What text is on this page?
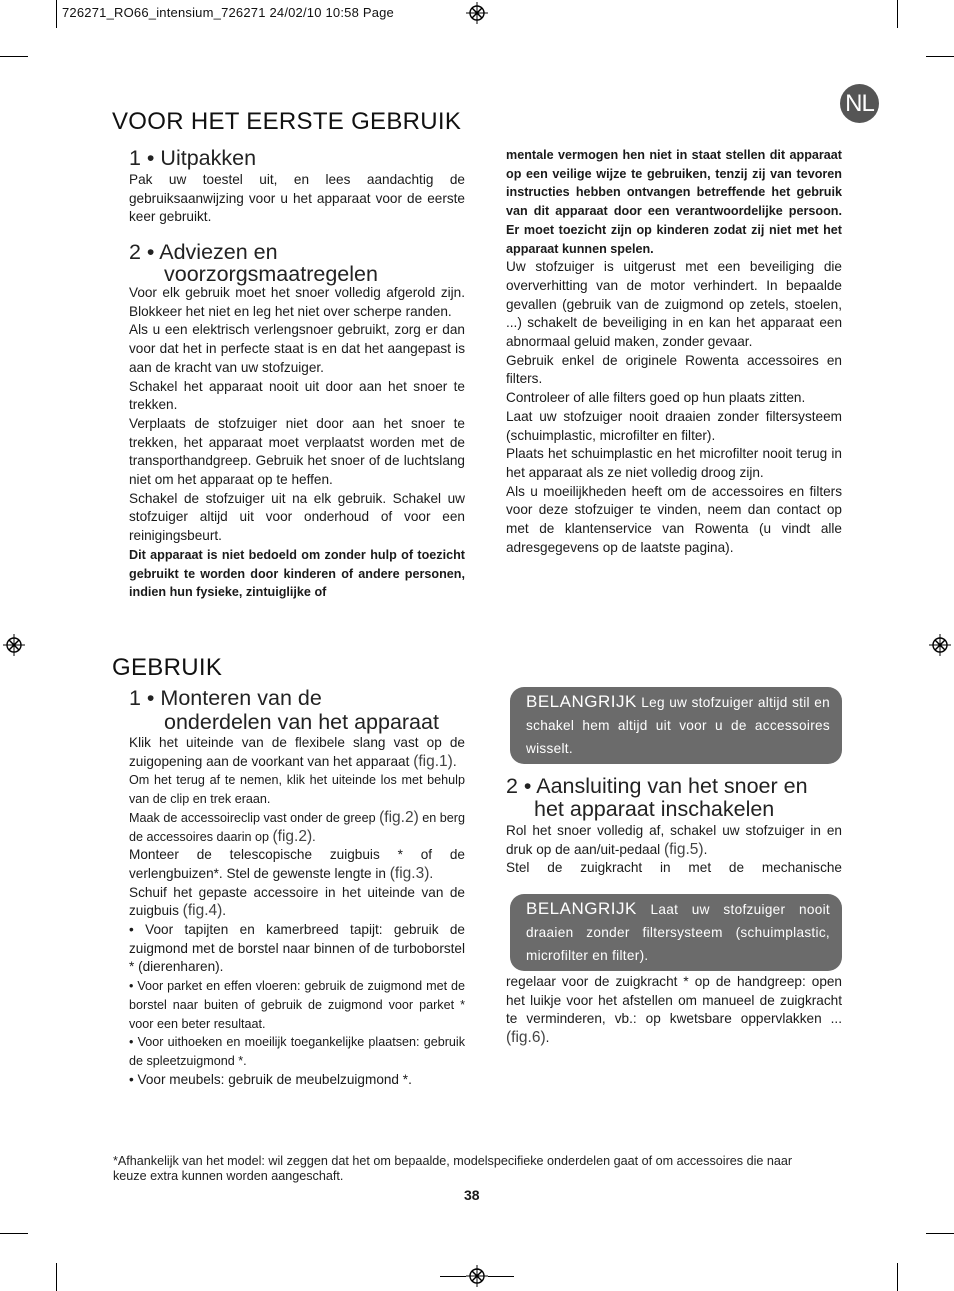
726271_RO66_intensium_726271 24/02/10 10:58 Page
NL
VOOR HET EERSTE GEBRUIK
1 • Uitpakken

Pak uw toestel uit, en lees aandachtig de gebruiksaanwijzing voor u het apparaat voor de eerste keer gebruikt.

2 • Adviezen en
voorzorgsmaatregelen

Voor elk gebruik moet het snoer volledig afgerold zijn. Blokkeer het niet en leg het niet over scherpe randen.

Als u een elektrisch verlengsnoer gebruikt, zorg er dan voor dat het in perfecte staat is en dat het aangepast is aan de kracht van uw stofzuiger.

Schakel het apparaat nooit uit door aan het snoer te trekken.

Verplaats de stofzuiger niet door aan het snoer te trekken, het apparaat moet verplaatst worden met de transporthandgreep. Gebruik het snoer of de luchtslang niet om het apparaat op te heffen.

Schakel de stofzuiger uit na elk gebruik. Schakel uw stofzuiger altijd uit voor onderhoud of voor een reinigingsbeurt.

Dit apparaat is niet bedoeld om zonder hulp of toezicht gebruikt te worden door kinderen of andere personen, indien hun fysieke, zintuiglijke of

mentale vermogen hen niet in staat stellen dit apparaat op een veilige wijze te gebruiken, tenzij zij van tevoren instructies hebben ontvangen betreffende het gebruik van dit apparaat door een verantwoordelijke persoon. Er moet toezicht zijn op kinderen zodat zij niet met het apparaat kunnen spelen.

Uw stofzuiger is uitgerust met een beveiliging die oververhitting van de motor verhindert. In bepaalde gevallen (gebruik van de zuigmond op zetels, stoelen, ...) schakelt de beveiliging in en kan het apparaat een abnormaal geluid maken, zonder gevaar.

Gebruik enkel de originele Rowenta accessoires en filters.

Controleer of alle filters goed op hun plaats zitten.

Laat uw stofzuiger nooit draaien zonder filtersysteem (schuimplastic, microfilter en filter).

Plaats het schuimplastic en het microfilter nooit terug in het apparaat als ze niet volledig droog zijn.

Als u moeilijkheden heeft om de accessoires en filters voor deze stofzuiger te vinden, neem dan contact op met de klantenservice van Rowenta (u vindt alle adresgegevens op de laatste pagina).

GEBRUIK
1 • Monteren van de
onderdelen van het apparaat

Klik het uiteinde van de flexibele slang vast op de zuigopening aan de voorkant van het apparaat (fig.1).

Om het terug af te nemen, klik het uiteinde los met behulp van de clip en trek eraan.

Maak de accessoireclip vast onder de greep (fig.2) en berg de accessoires daarin op (fig.2).

Monteer de telescopische zuigbuis * of de verlengbuizen*. Stel de gewenste lengte in (fig.3).

Schuif het gepaste accessoire in het uiteinde van de zuigbuis (fig.4).

• Voor tapijten en kamerbreed tapijt: gebruik de zuigmond met de borstel naar binnen of de turboborstel * (dierenharen).

• Voor parket en effen vloeren: gebruik de zuigmond met de borstel naar buiten of gebruik de zuigmond voor parket * voor een beter resultaat.

• Voor uithoeken en moeilijk toegankelijke plaatsen: gebruik de spleetzuigmond *.

• Voor meubels: gebruik de meubelzuigmond *.

BELANGRIJK Leg uw stofzuiger altijd stil en schakel hem altijd uit voor u de accessoires wisselt.
2 • Aansluiting van het snoer en
het apparaat inschakelen

Rol het snoer volledig af, schakel uw stofzuiger in en druk op de aan/uit-pedaal (fig.5).

Stel de zuigkracht in met de mechanische

BELANGRIJK Laat uw stofzuiger nooit draaien zonder filtersysteem (schuimplastic, microfilter en filter).

regelaar voor de zuigkracht * op de handgreep: open het luikje voor het afstellen om manueel de zuigkracht te verminderen, vb.: op kwetsbare oppervlakken ... (fig.6).

*Afhankelijk van het model: wil zeggen dat het om bepaalde, modelspecifieke onderdelen gaat of om accessoires die naar keuze extra kunnen worden aangeschaft.
38
